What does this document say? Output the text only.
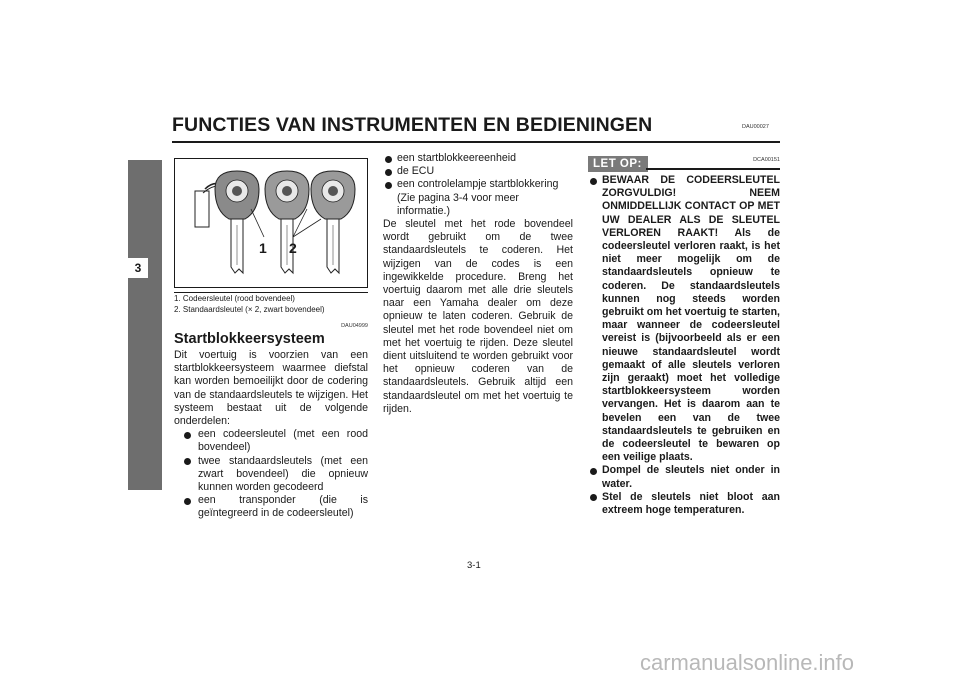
FUNCTIES VAN INSTRUMENTEN EN BEDIENINGEN	DAU00027
3
1 2
1. Codeersleutel (rood bovendeel)
2. Standaardsleutel (× 2, zwart bovendeel)
DAU04999
Startblokkeersysteem
Dit voertuig is voorzien van een startblokkeersysteem waarmee diefstal kan worden bemoeilijkt door de codering van de standaardsleutels te wijzigen. Het systeem bestaat uit de volgende onderdelen:
een codeersleutel (met een rood bovendeel)
twee standaardsleutels (met een zwart bovendeel) die opnieuw kunnen worden gecodeerd
een transponder (die is geïntegreerd in de codeersleutel)
een startblokkeereenheid
de ECU
een controlelampje startblokkering
(Zie pagina 3-4 voor meer informatie.)
De sleutel met het rode bovendeel wordt gebruikt om de twee standaardsleutels te coderen. Het wijzigen van de codes is een ingewikkelde procedure. Breng het voertuig daarom met alle drie sleutels naar een Yamaha dealer om deze opnieuw te laten coderen. Gebruik de sleutel met het rode bovendeel niet om met het voertuig te rijden. Deze sleutel dient uitsluitend te worden gebruikt voor het opnieuw coderen van de standaardsleutels. Gebruik altijd een standaardsleutel om met het voertuig te rijden.
LET OP:	DCA00151
BEWAAR DE CODEERSLEUTEL ZORGVULDIG! NEEM ONMIDDELLIJK CONTACT OP MET UW DEALER ALS DE SLEUTEL VERLOREN RAAKT! Als de codeersleutel verloren raakt, is het niet meer mogelijk om de standaardsleutels opnieuw te coderen. De standaardsleutels kunnen nog steeds worden gebruikt om het voertuig te starten, maar wanneer de codeersleutel vereist is (bijvoorbeeld als er een nieuwe standaardsleutel wordt gemaakt of alle sleutels verloren zijn geraakt) moet het volledige startblokkeersysteem worden vervangen. Het is daarom aan te bevelen een van de twee standaardsleutels te gebruiken en de codeersleutel te bewaren op een veilige plaats.
Dompel de sleutels niet onder in water.
Stel de sleutels niet bloot aan extreem hoge temperaturen.
3-1
carmanualsonline.info
